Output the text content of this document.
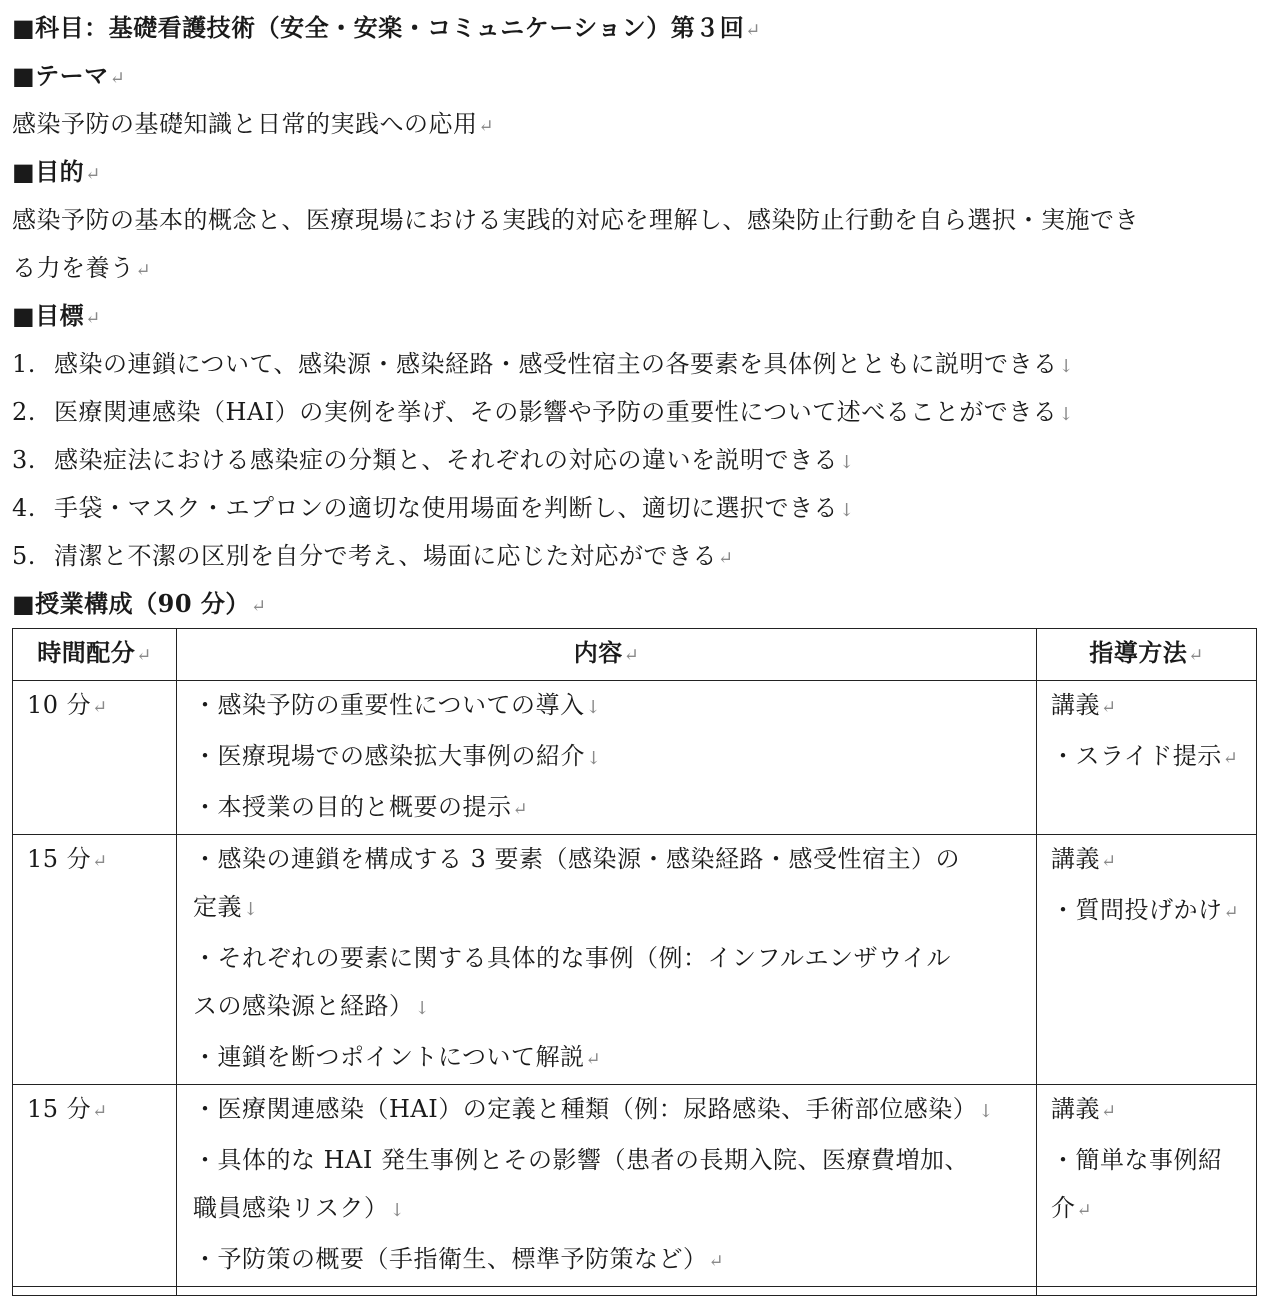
■科目：基礎看護技術（安全・安楽・コミュニケーション）第３回↵
■テーマ↵
感染予防の基礎知識と日常的実践への応用↵
■目的↵
感染予防の基本的概念と、医療現場における実践的対応を理解し、感染防止行動を自ら選択・実施でき
る力を養う↵
■目標↵
1. 感染の連鎖について、感染源・感染経路・感受性宿主の各要素を具体例とともに説明できる↓
2. 医療関連感染（HAI）の実例を挙げ、その影響や予防の重要性について述べることができる↓
3. 感染症法における感染症の分類と、それぞれの対応の違いを説明できる↓
4. 手袋・マスク・エプロンの適切な使用場面を判断し、適切に選択できる↓
5. 清潔と不潔の区別を自分で考え、場面に応じた対応ができる↵
■授業構成（90 分）↵
時間配分↵	内容↵	指導方法↵
10 分↵	・感染予防の重要性についての導入↓
・医療現場での感染拡大事例の紹介↓
・本授業の目的と概要の提示↵	講義↵
・スライド提示↵

15 分↵	・感染の連鎖を構成する 3 要素（感染源・感染経路・感受性宿主）の
定義↓
・それぞれの要素に関する具体的な事例（例：インフルエンザウイル
スの感染源と経路）↓
・連鎖を断つポイントについて解説↵	講義↵
・質問投げかけ↵

15 分↵	・医療関連感染（HAI）の定義と種類（例：尿路感染、手術部位感染）↓
・具体的な HAI 発生事例とその影響（患者の長期入院、医療費増加、
職員感染リスク）↓
・予防策の概要（手指衛生、標準予防策など）↵	講義↵
・簡単な事例紹
介↵
